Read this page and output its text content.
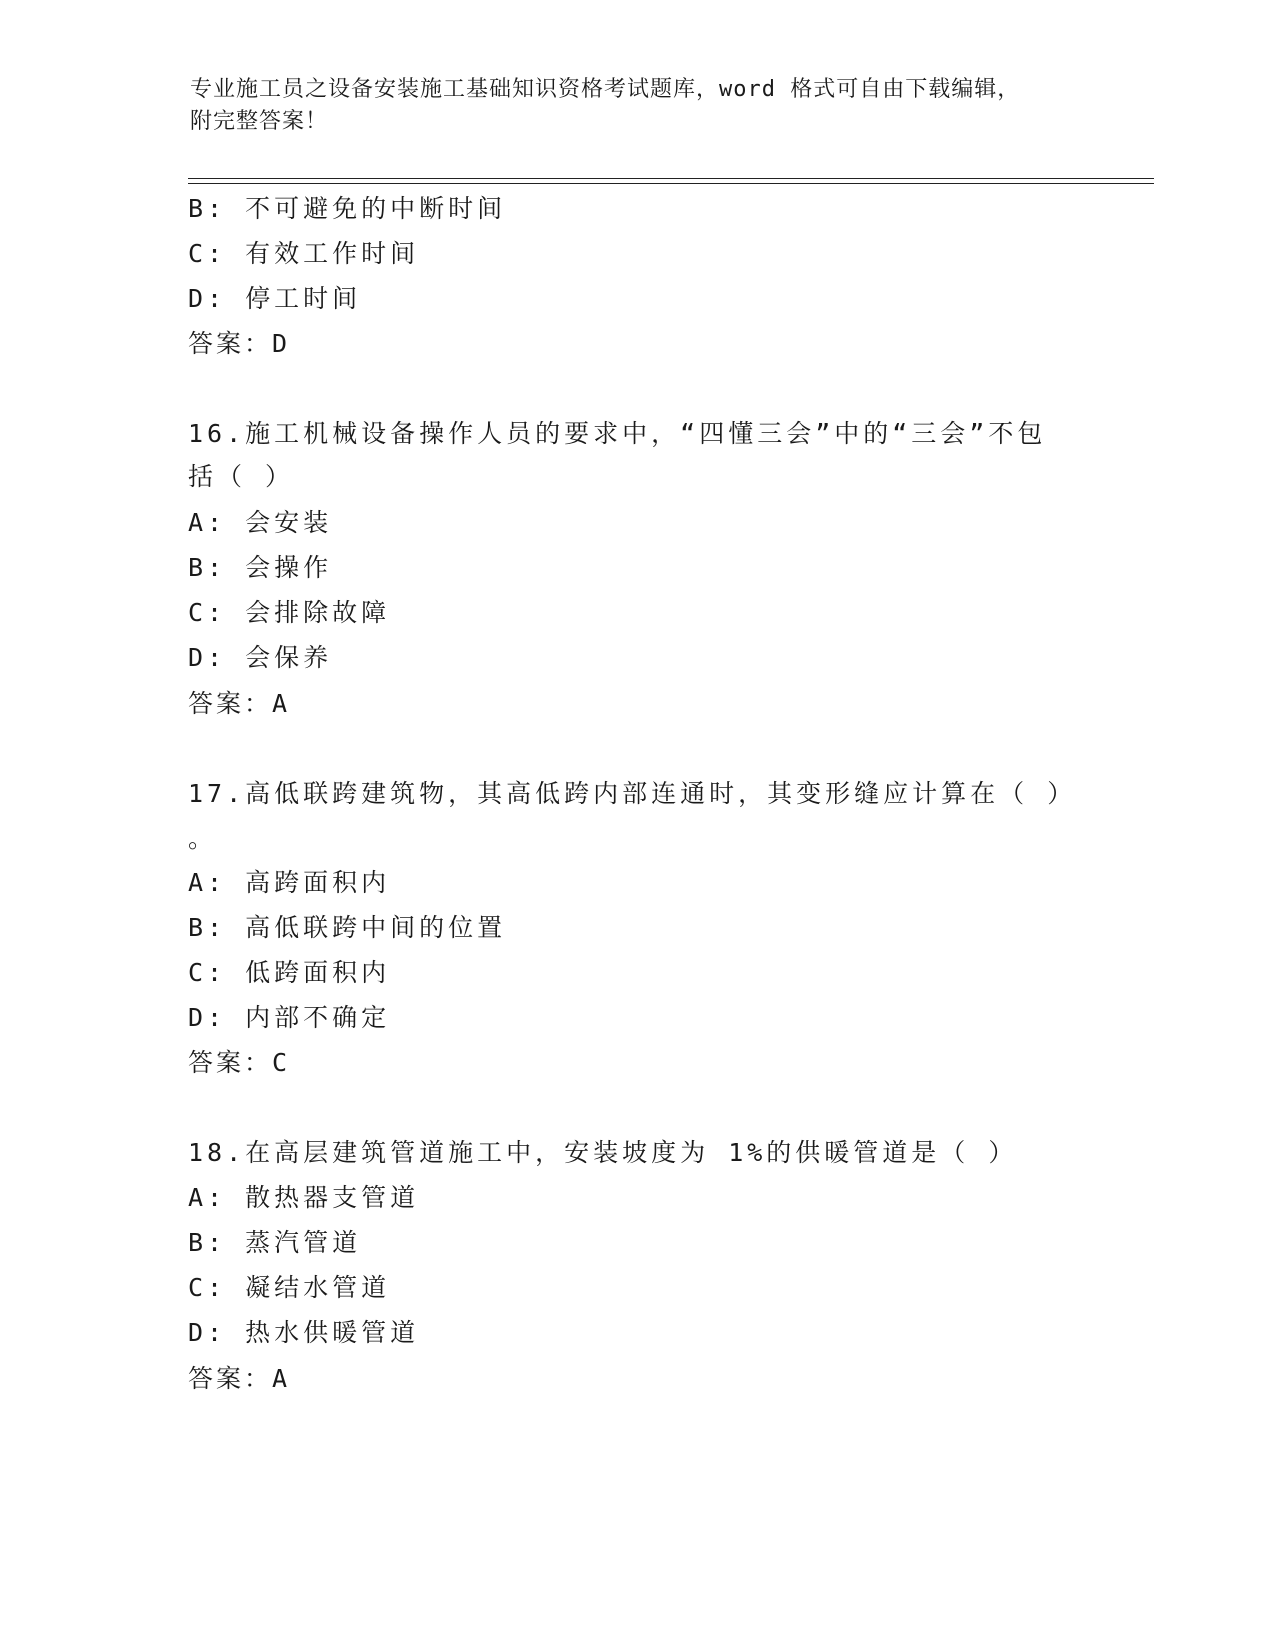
专业施工员之设备安装施工基础知识资格考试题库，word 格式可自由下载编辑，
附完整答案！
B: 不可避免的中断时间
C: 有效工作时间
D: 停工时间
答案：D
16.施工机械设备操作人员的要求中，“四懂三会”中的“三会”不包
括（ ）
A: 会安装
B: 会操作
C: 会排除故障
D: 会保养
答案：A
17.高低联跨建筑物，其高低跨内部连通时，其变形缝应计算在（ ）
。
A: 高跨面积内
B: 高低联跨中间的位置
C: 低跨面积内
D: 内部不确定
答案：C
18.在高层建筑管道施工中，安装坡度为 1%的供暖管道是（ ）
A: 散热器支管道
B: 蒸汽管道
C: 凝结水管道
D: 热水供暖管道
答案：A
